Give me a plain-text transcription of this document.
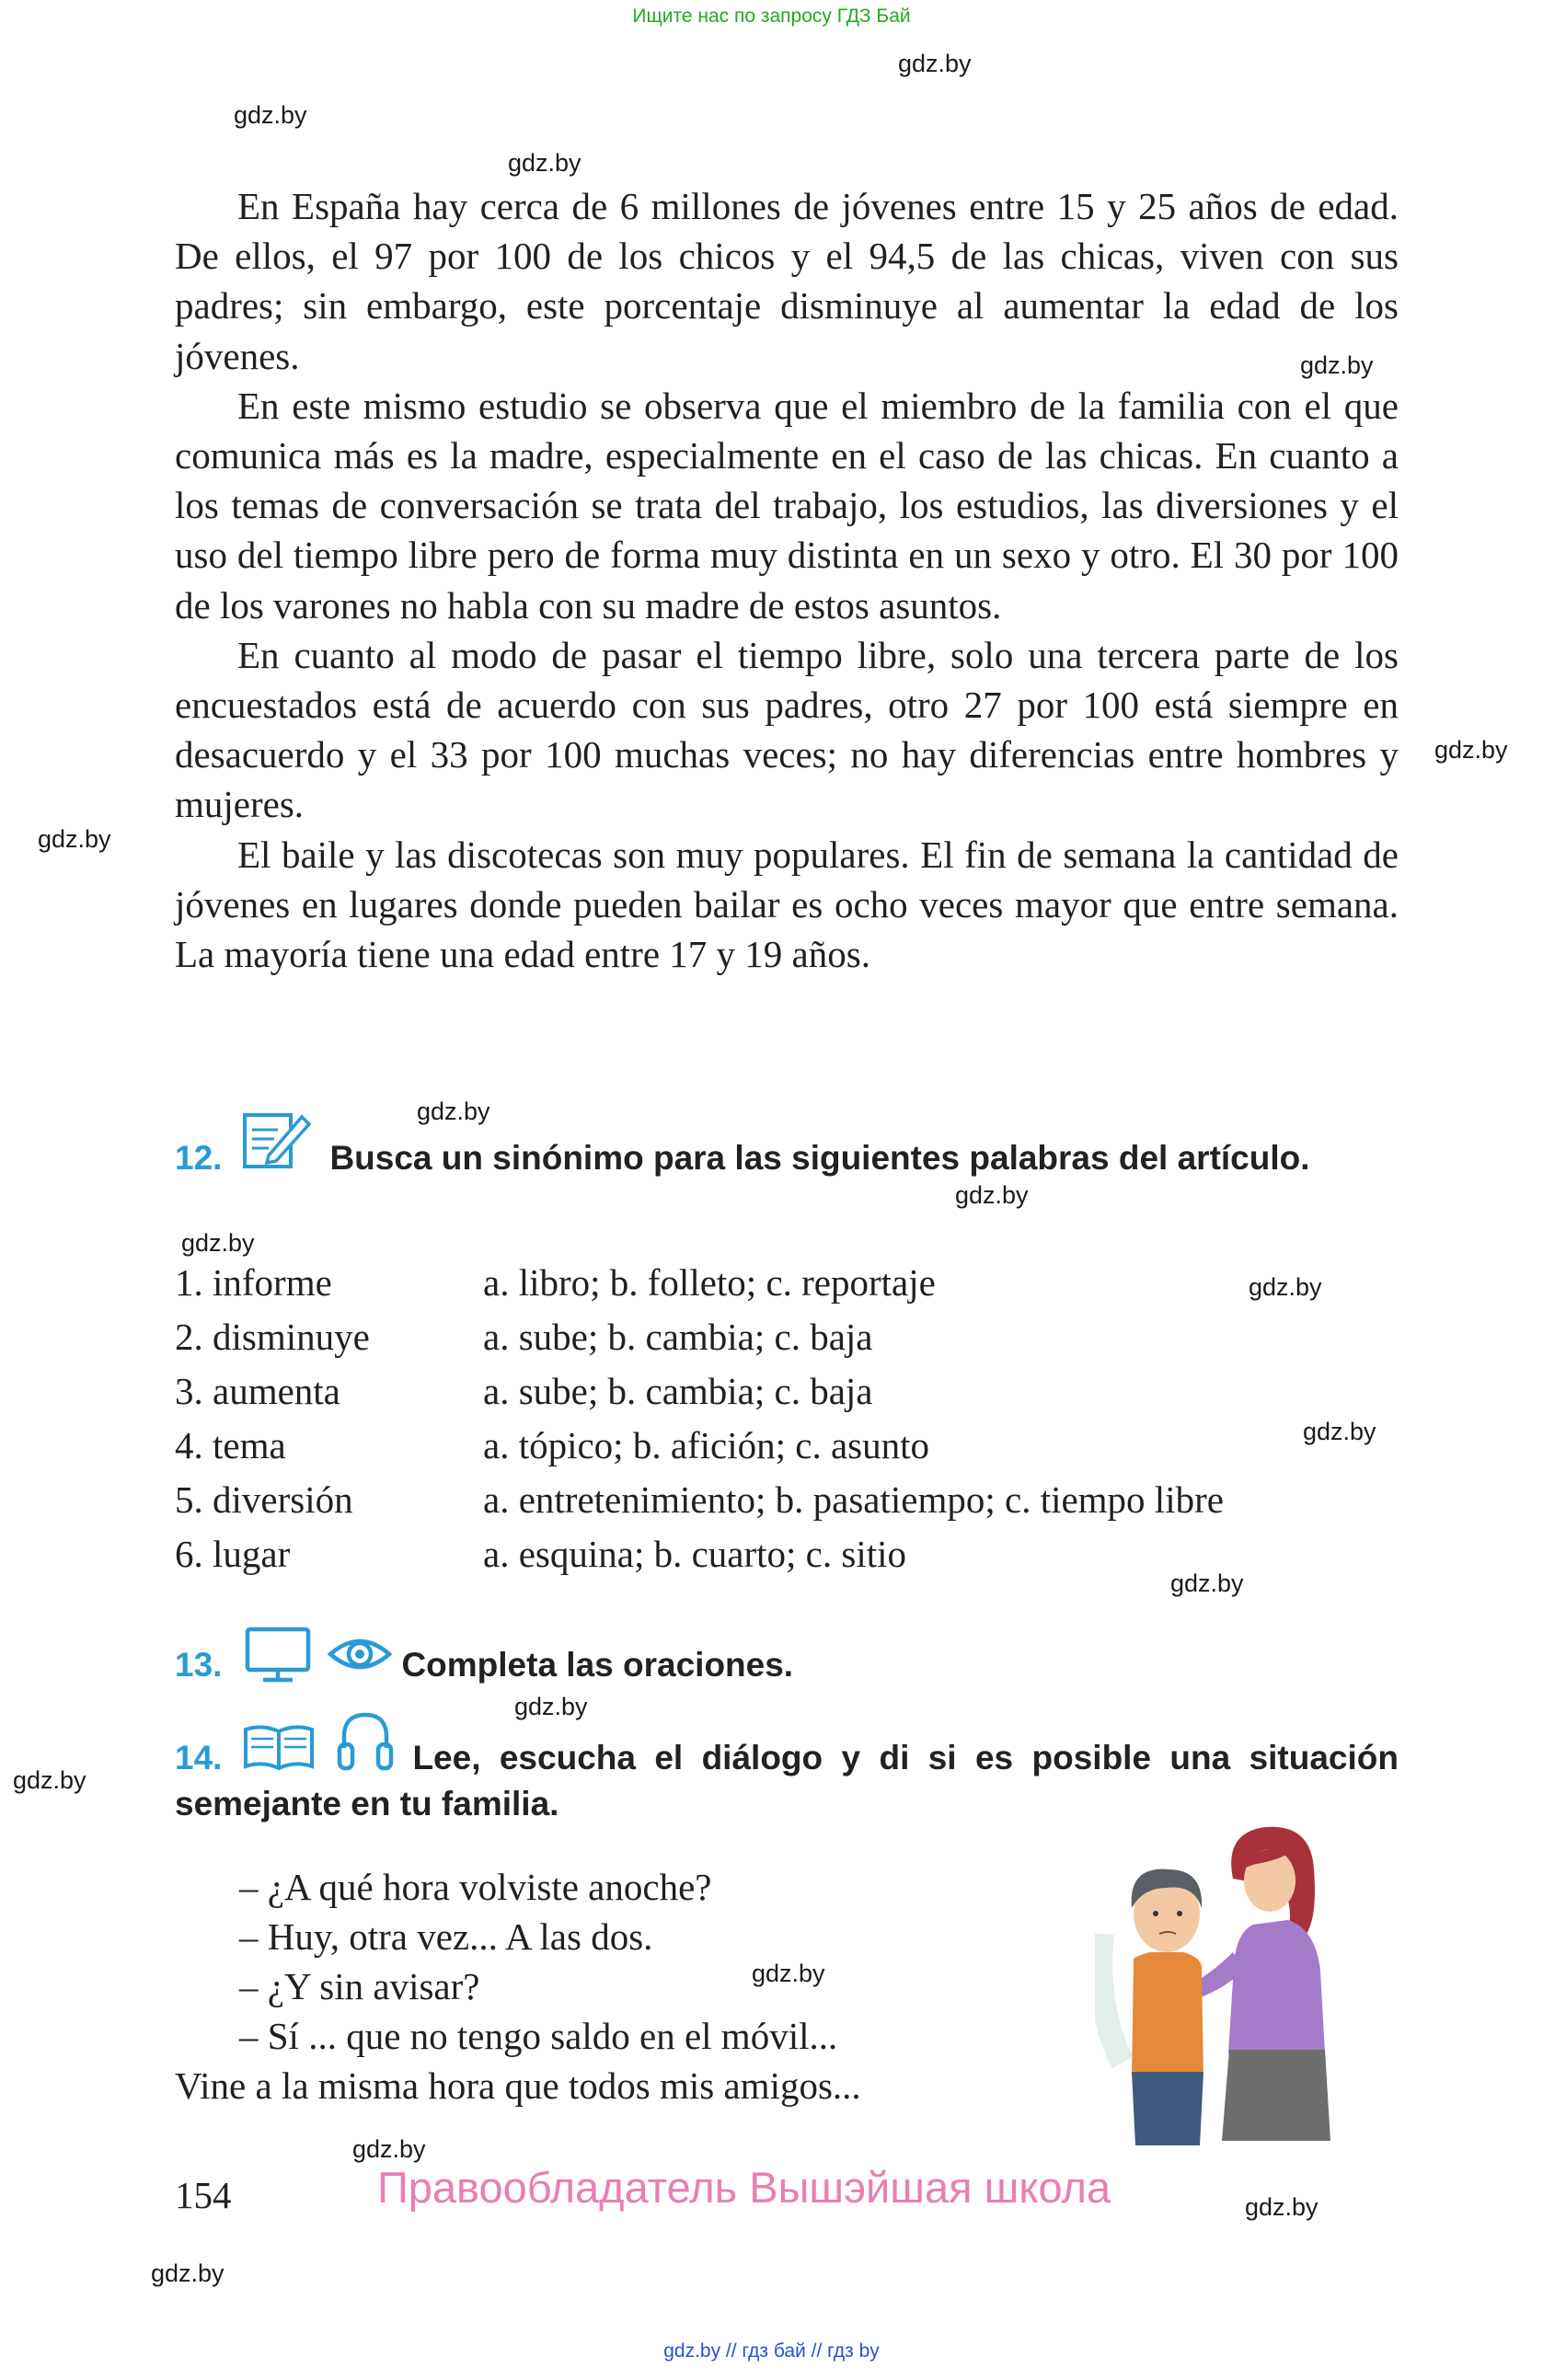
Ищите нас по запросу ГДЗ Бай
gdz.by
gdz.by
gdz.by
gdz.by
gdz.by
gdz.by
gdz.by
gdz.by
gdz.by
gdz.by
gdz.by
gdz.by
gdz.by
gdz.by
gdz.by
gdz.by
gdz.by
gdz.by

En España hay cerca de 6 millones de jóvenes entre 15 y 25 años de edad. De ellos, el 97 por 100 de los chicos y el 94,5 de las chicas, viven con sus padres; sin embargo, este porcentaje disminuye al aumentar la edad de los jóvenes.

En este mismo estudio se observa que el miembro de la familia con el que comunica más es la madre, especialmente en el caso de las chicas. En cuanto a los temas de conversación se trata del trabajo, los estudios, las diversiones y el uso del tiempo libre pero de forma muy distinta en un sexo y otro. El 30 por 100 de los varones no habla con su madre de estos asuntos.

En cuanto al modo de pasar el tiempo libre, solo una tercera parte de los encuestados está de acuerdo con sus padres, otro 27 por 100 está siempre en desacuerdo y el 33 por 100 muchas veces; no hay diferencias entre hombres y mujeres.

El baile y las discotecas son muy populares. El fin de semana la cantidad de jóvenes en lugares donde pueden bailar es ocho veces mayor que entre semana. La mayoría tiene una edad entre 17 y 19 años.

12.	Busca un sinónimo para las siguientes palabras del artículo.
1. informe	a. libro; b. folleto; c. reportaje
2. disminuye	a. sube; b. cambia; c. baja
3. aumenta	a. sube; b. cambia; c. baja
4. tema	a. tópico; b. afición; c. asunto
5. diversión	a. entretenimiento; b. pasatiempo; c. tiempo libre
6. lugar	a. esquina; b. cuarto; c. sitio
13.	Completa las oraciones.
14.	Lee, escucha el diálogo y di si es posible una situación semejante en tu familia.
– ¿A qué hora volviste anoche?
– Huy, otra vez... A las dos.
– ¿Y sin avisar?
– Sí ... que no tengo saldo en el móvil...
Vine a la misma hora que todos mis amigos...
154	Правообладатель Вышэйшая школа
gdz.by // гдз бай // гдз by
